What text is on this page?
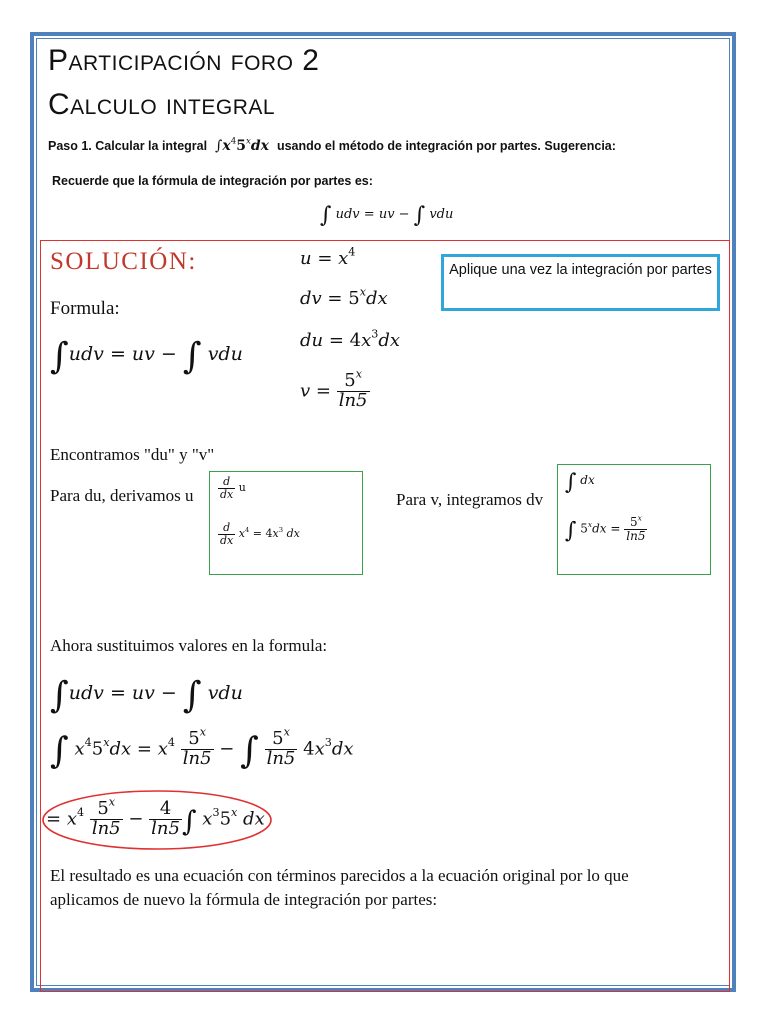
Participación foro 2
Calculo integral
Paso 1. Calcular la integral  $\int x^45^xdx$ usando el método de integración por partes. Sugerencia:
Recuerde que la fórmula de integración por partes es:
∫ udv = uv − ∫ vdu
SOLUCIÓN:
Formula:
∫udv = uv − ∫ vdu
$u = x^4$
dv = $5^xdx$
du = $4x^3dx$
$v = \frac{5^x}{\ln 5}$
Aplique una vez la integración por partes
Encontramos "du" y "v"
Para du, derivamos u $\frac{d}{dx}$ u
$\frac{d}{dx} x^4 = 4x^3$ dx
Para v, integramos dv
∫ dx
∫ $5^xdx = \frac{5^x}{\ln 5}$
Ahora sustituimos valores en la formula:
∫udv = uv − ∫ vdu
∫ $x^45^xdx = x^4 \frac{5^x}{\ln 5}$ − ∫ $\frac{5^x}{\ln 5} 4x^3dx$
= $x^4 \frac{5^x}{\ln 5} - \frac{4}{\ln 5}$ ∫ $x^35^x$ dx
El resultado es una ecuación con términos parecidos a la ecuación original por lo que
aplicamos de nuevo la fórmula de integración por partes:
